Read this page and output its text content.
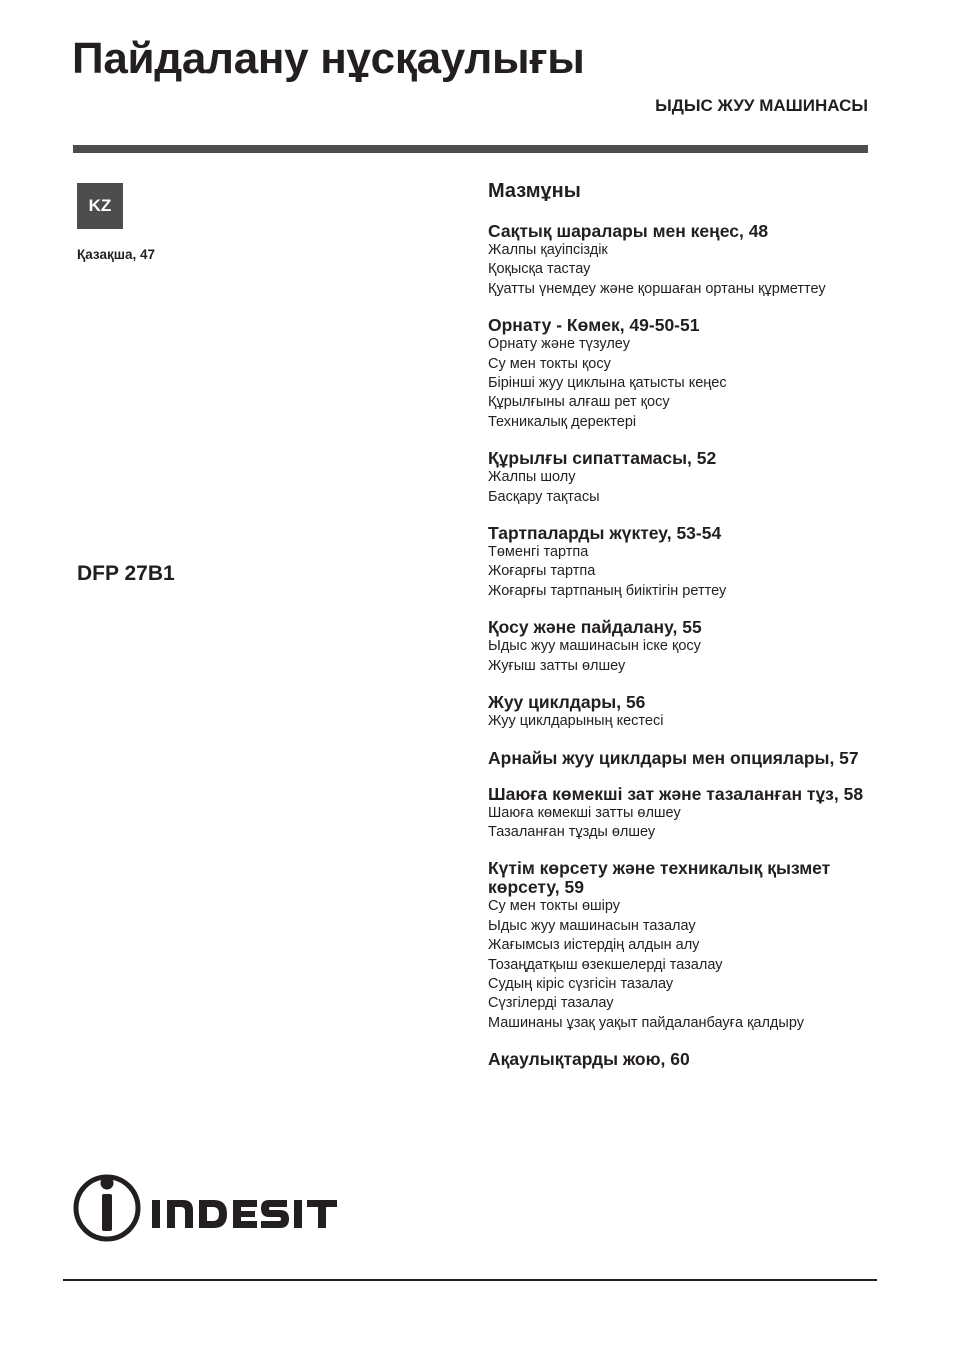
Пайдалану нұсқаулығы
ЫДЫС ЖУУ МАШИНАСЫ
KZ
Қазақша, 47
DFP 27B1
Мазмұны
Сақтық шаралары мен кеңес, 48
Жалпы қауіпсіздік
Қоқысқа тастау
Қуатты үнемдеу және қоршаған ортаны құрметтеу
Орнату - Көмек, 49-50-51
Орнату және түзулеу
Су мен токты қосу
Бірінші жуу циклына қатысты кеңес
Құрылғыны алғаш рет қосу
Техникалық деректері
Құрылғы сипаттамасы, 52
Жалпы шолу
Басқару тақтасы
Тартпаларды жүктеу, 53-54
Төменгі тартпа
Жоғарғы тартпа
Жоғарғы тартпаның биіктігін реттеу
Қосу және пайдалану, 55
Ыдыс жуу машинасын іске қосу
Жуғыш затты өлшеу
Жуу циклдары, 56
Жуу циклдарының кестесі
Арнайы жуу циклдары мен опциялары, 57
Шаюға көмекші зат және тазаланған тұз, 58
Шаюға көмекші затты өлшеу
Тазаланған тұзды өлшеу
Күтім көрсету және техникалық қызмет көрсету, 59
Су мен токты өшіру
Ыдыс жуу машинасын тазалау
Жағымсыз иістердің алдын алу
Тозаңдатқыш өзекшелерді тазалау
Судың кіріс сүзгісін тазалау
Сүзгілерді тазалау
Машинаны ұзақ уақыт пайдаланбауға қалдыру
Ақаулықтарды жою, 60
